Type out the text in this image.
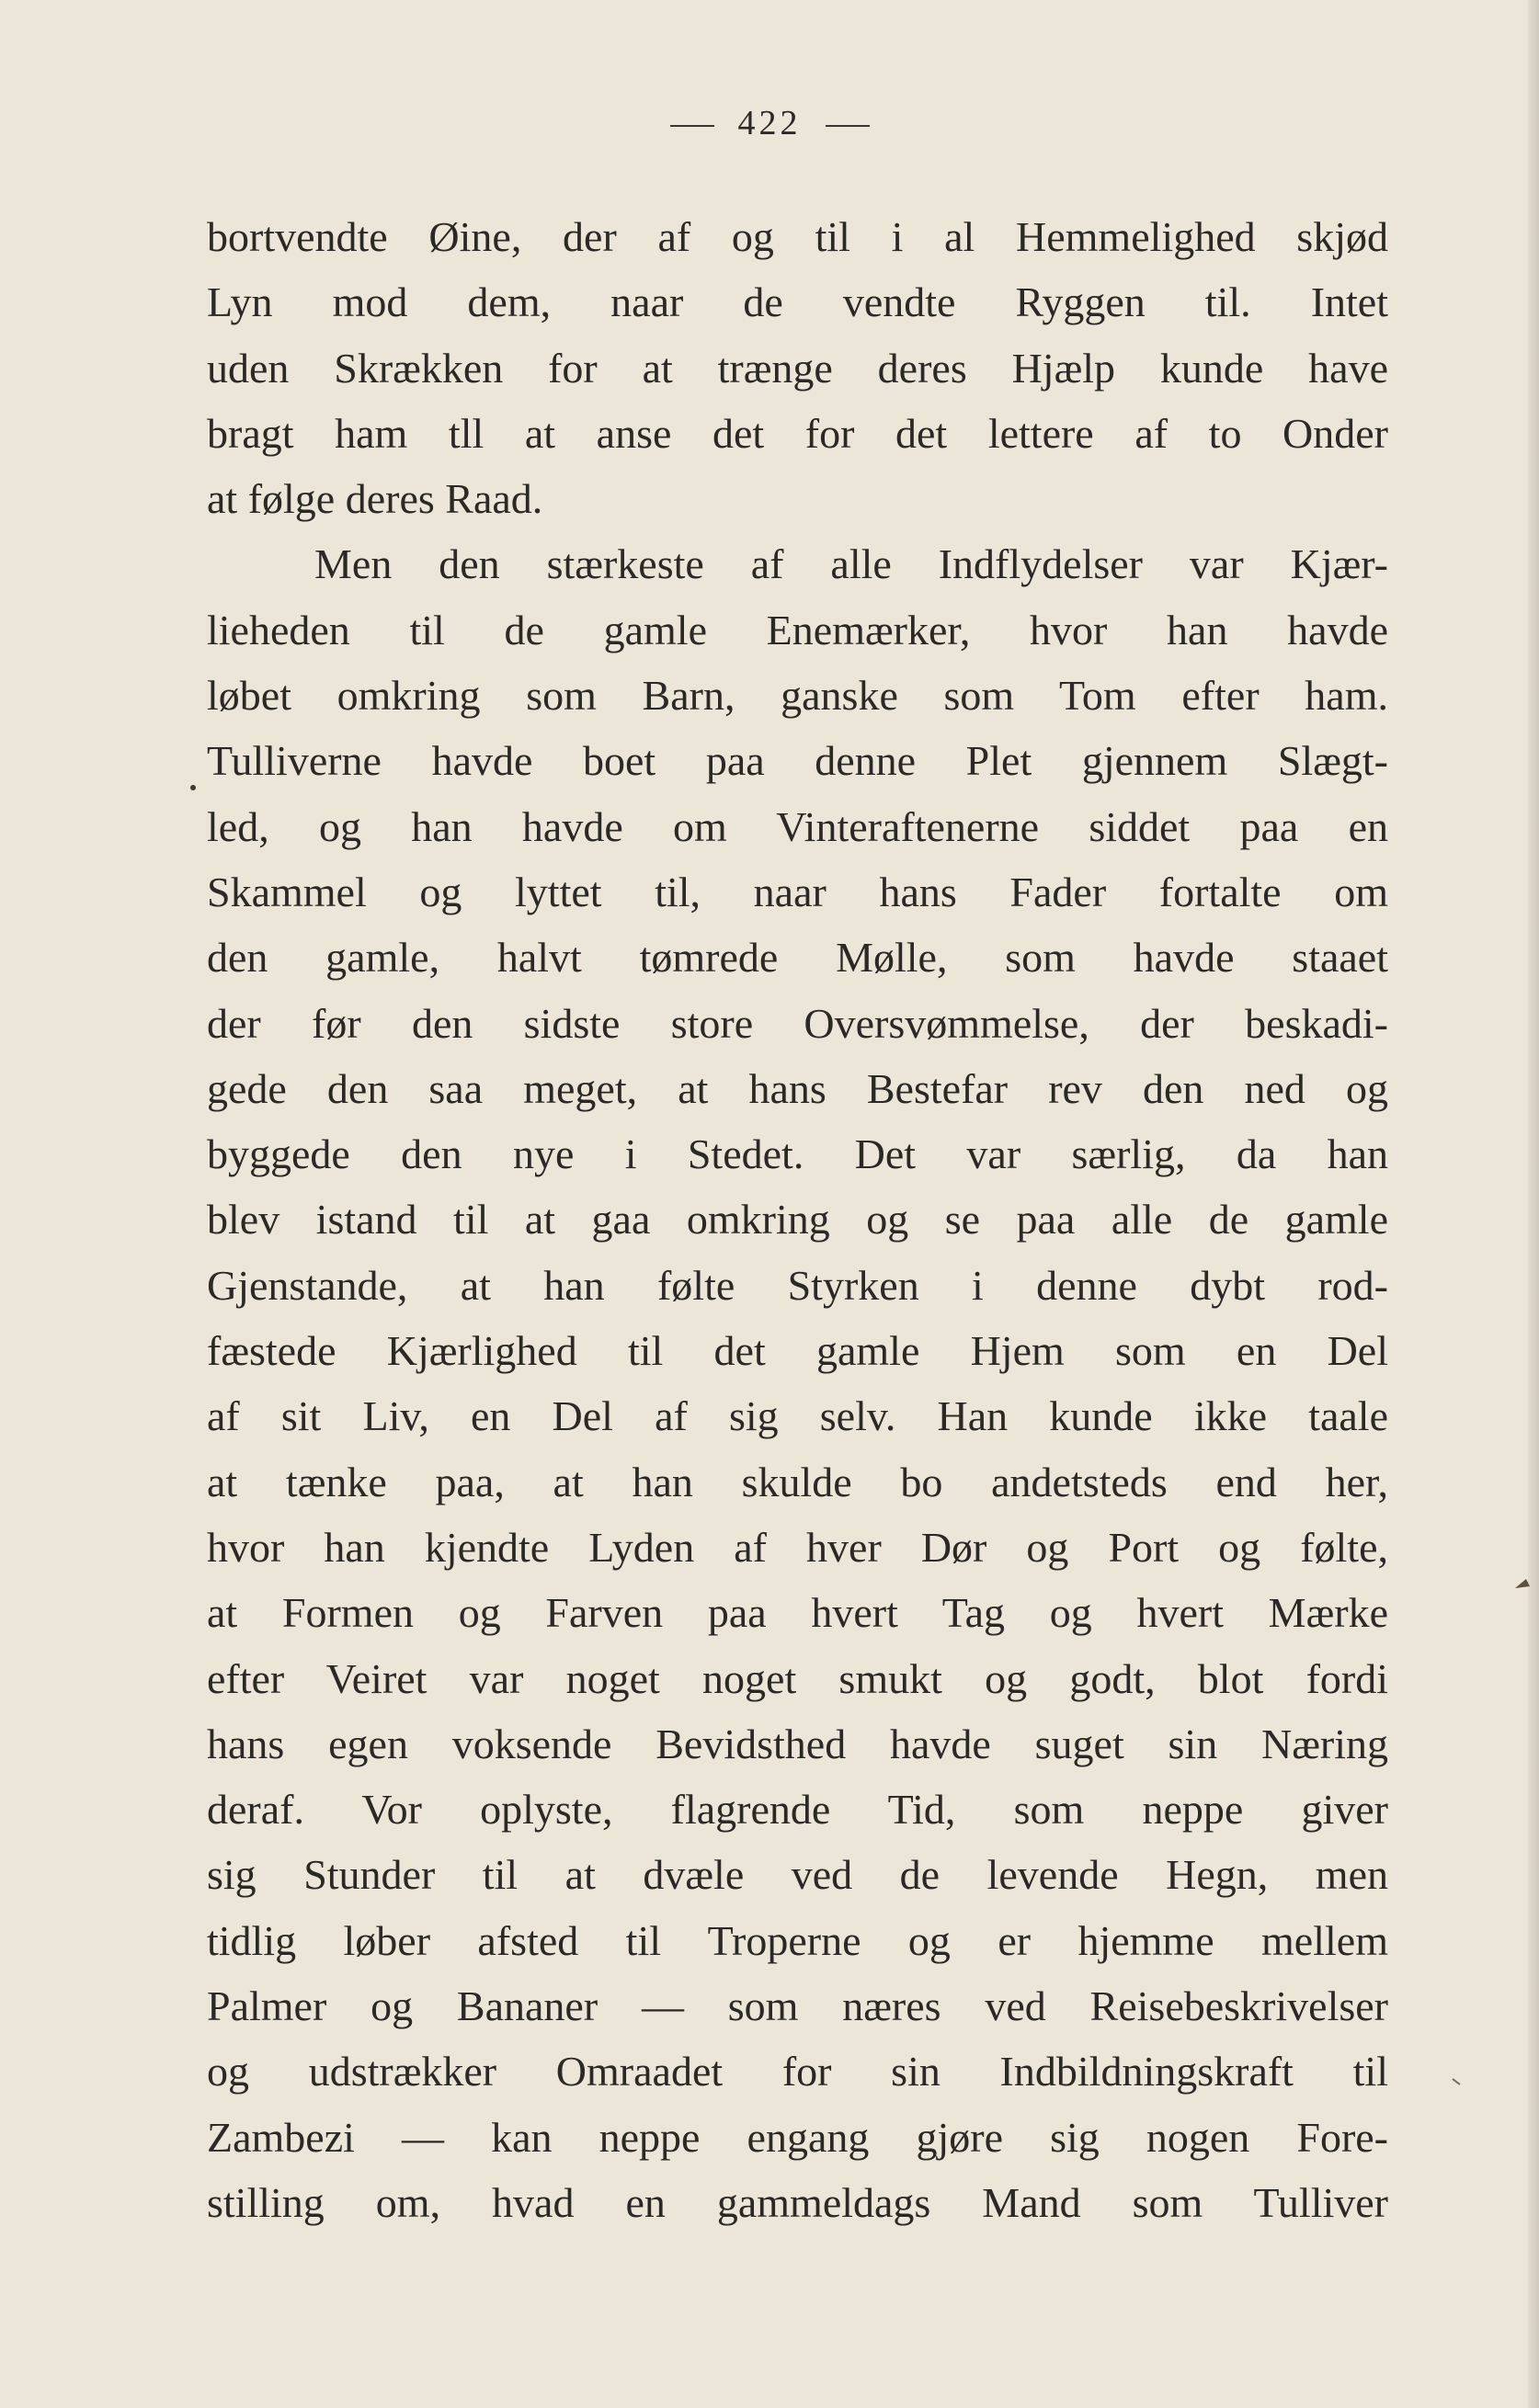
422
bortvendte Øine, der af og til i al Hemmelighed skjød
Lyn mod dem, naar de vendte Ryggen til. Intet
uden Skrækken for at trænge deres Hjælp kunde have
bragt ham tll at anse det for det lettere af to Onder
at følge deres Raad.
Men den stærkeste af alle Indflydelser var Kjær-
lieheden til de gamle Enemærker, hvor han havde
løbet omkring som Barn, ganske som Tom efter ham.
Tulliverne havde boet paa denne Plet gjennem Slægt-
led, og han havde om Vinteraftenerne siddet paa en
Skammel og lyttet til, naar hans Fader fortalte om
den gamle, halvt tømrede Mølle, som havde staaet
der før den sidste store Oversvømmelse, der beskadi-
gede den saa meget, at hans Bestefar rev den ned og
byggede den nye i Stedet. Det var særlig, da han
blev istand til at gaa omkring og se paa alle de gamle
Gjenstande, at han følte Styrken i denne dybt rod-
fæstede Kjærlighed til det gamle Hjem som en Del
af sit Liv, en Del af sig selv. Han kunde ikke taale
at tænke paa, at han skulde bo andetsteds end her,
hvor han kjendte Lyden af hver Dør og Port og følte,
at Formen og Farven paa hvert Tag og hvert Mærke
efter Veiret var noget noget smukt og godt, blot fordi
hans egen voksende Bevidsthed havde suget sin Næring
deraf. Vor oplyste, flagrende Tid, som neppe giver
sig Stunder til at dvæle ved de levende Hegn, men
tidlig løber afsted til Troperne og er hjemme mellem
Palmer og Bananer — som næres ved Reisebeskrivelser
og udstrækker Omraadet for sin Indbildningskraft til
Zambezi — kan neppe engang gjøre sig nogen Fore-
stilling om, hvad en gammeldags Mand som Tulliver
